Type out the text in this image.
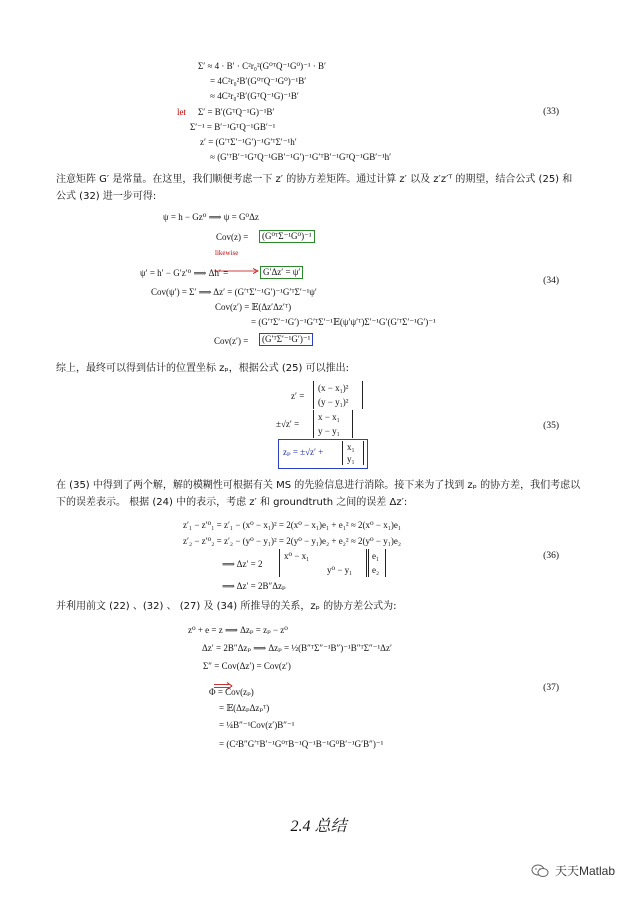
Σ′ ≈ 4 · B′ · C²r₀²(G⁰ᵀQ⁻¹G⁰)⁻¹ · B′
= 4C²r₀²B′(G⁰ᵀQ⁻¹G⁰)⁻¹B′
≈ 4C²r₀²B′(GᵀQ⁻¹G)⁻¹B′
let Σ′ = B′(GᵀQ⁻¹G)⁻¹B′
Σ′⁻¹ = B′⁻¹GᵀQ⁻¹GB′⁻¹
z′ = (G′ᵀΣ′⁻¹G′)⁻¹G′ᵀΣ′⁻¹h′
≈ (G′ᵀB′⁻¹GᵀQ⁻¹GB′⁻¹G′)⁻¹G′ᵀB′⁻¹GᵀQ⁻¹GB′⁻¹h′
(33)
注意矩阵 G′ 是常量。在这里，我们顺便考虑一下 z′ 的协方差矩阵。通过计算 z′ 以及 z′z′ᵀ 的期望，结合公式 (25) 和公式 (32) 进一步可得:
ψ = h − Gz⁰ ⟹ ψ = G⁰Δz
Cov(z) =	(G⁰ᵀΣ⁻¹G⁰)⁻¹
likewise
ψ′ = h′ − G′z′⁰ ⟹ Δh′ =	G′Δz′ = ψ′
Cov(ψ′) = Σ′ ⟹ Δz′ = (G′ᵀΣ′⁻¹G′)⁻¹G′ᵀΣ′⁻¹ψ′
Cov(z′) = 𝔼(Δz′Δz′ᵀ)
= (G′ᵀΣ′⁻¹G′)⁻¹G′ᵀΣ′⁻¹𝔼(ψ′ψ′ᵀ)Σ′⁻¹G′(G′ᵀΣ′⁻¹G′)⁻¹
Cov(z′) =	(G′ᵀΣ′⁻¹G′)⁻¹
(34)
综上，最终可以得到估计的位置坐标 zₚ，根据公式 (25) 可以推出:
z′ =
(x − x₁)²
(y − y₁)²
±√z′ =
x − x₁
y − y₁
zₚ = ±√z′ +	x₁
y₁
(35)
在 (35) 中得到了两个解，解的模糊性可根据有关 MS 的先验信息进行消除。接下来为了找到 zₚ 的协方差，我们考虑以下的误差表示。 根据 (24) 中的表示，考虑 z′ 和 groundtruth 之间的误差 Δz′:
z′₁ − z′⁰₁ = z′₁ − (x⁰ − x₁)² = 2(x⁰ − x₁)e₁ + e₁² ≈ 2(x⁰ − x₁)e₁
z′₂ − z′⁰₂ = z′₂ − (y⁰ − y₁)² = 2(y⁰ − y₁)e₂ + e₂² ≈ 2(y⁰ − y₁)e₂
⟹ Δz′ = 2
x⁰ − x₁
y⁰ − y₁
e₁
e₂
⟹ Δz′ = 2B″Δzₚ
(36)
并利用前文 (22) 、(32) 、 (27) 及 (34) 所推导的关系，zₚ 的协方差公式为:
z⁰ + e = z ⟹ Δzₚ = zₚ − z⁰
Δz′ = 2B″Δzₚ ⟹ Δzₚ = ½(B″ᵀΣ″⁻¹B″)⁻¹B″ᵀΣ″⁻¹Δz′
Σ″ = Cov(Δz′) = Cov(z′)
Φ = Cov(zₚ)
= 𝔼(ΔzₚΔzₚᵀ)
= ¼B″⁻¹Cov(z′)B″⁻¹
= (C²B″G′ᵀB′⁻¹G⁰ᵀB⁻¹Q⁻¹B⁻¹G⁰B′⁻¹G′B″)⁻¹
(37)
2.4 总结
天天Matlab
